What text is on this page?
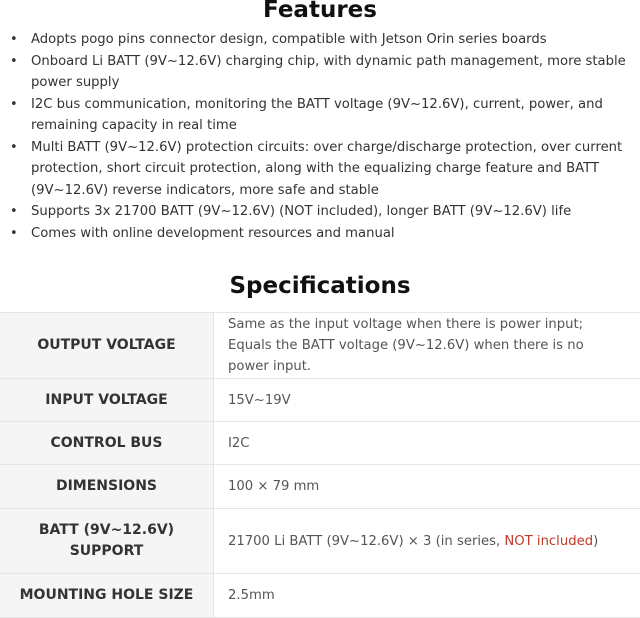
Features
• Adopts pogo pins connector design, compatible with Jetson Orin series boards
• Onboard Li BATT (9V~12.6V) charging chip, with dynamic path management, more stable power supply
• I2C bus communication, monitoring the BATT voltage (9V~12.6V), current, power, and remaining capacity in real time
• Multi BATT (9V~12.6V) protection circuits: over charge/discharge protection, over current protection, short circuit protection, along with the equalizing charge feature and BATT (9V~12.6V) reverse indicators, more safe and stable
• Supports 3x 21700 BATT (9V~12.6V) (NOT included), longer BATT (9V~12.6V) life
• Comes with online development resources and manual
Specifications
OUTPUT VOLTAGE	Same as the input voltage when there is power input; Equals the BATT voltage (9V~12.6V) when there is no power input.
INPUT VOLTAGE	15V~19V
CONTROL BUS	I2C
DIMENSIONS	100 × 79 mm
BATT (9V~12.6V)
SUPPORT	21700 Li BATT (9V~12.6V) × 3 (in series, NOT included)
MOUNTING HOLE SIZE	2.5mm
